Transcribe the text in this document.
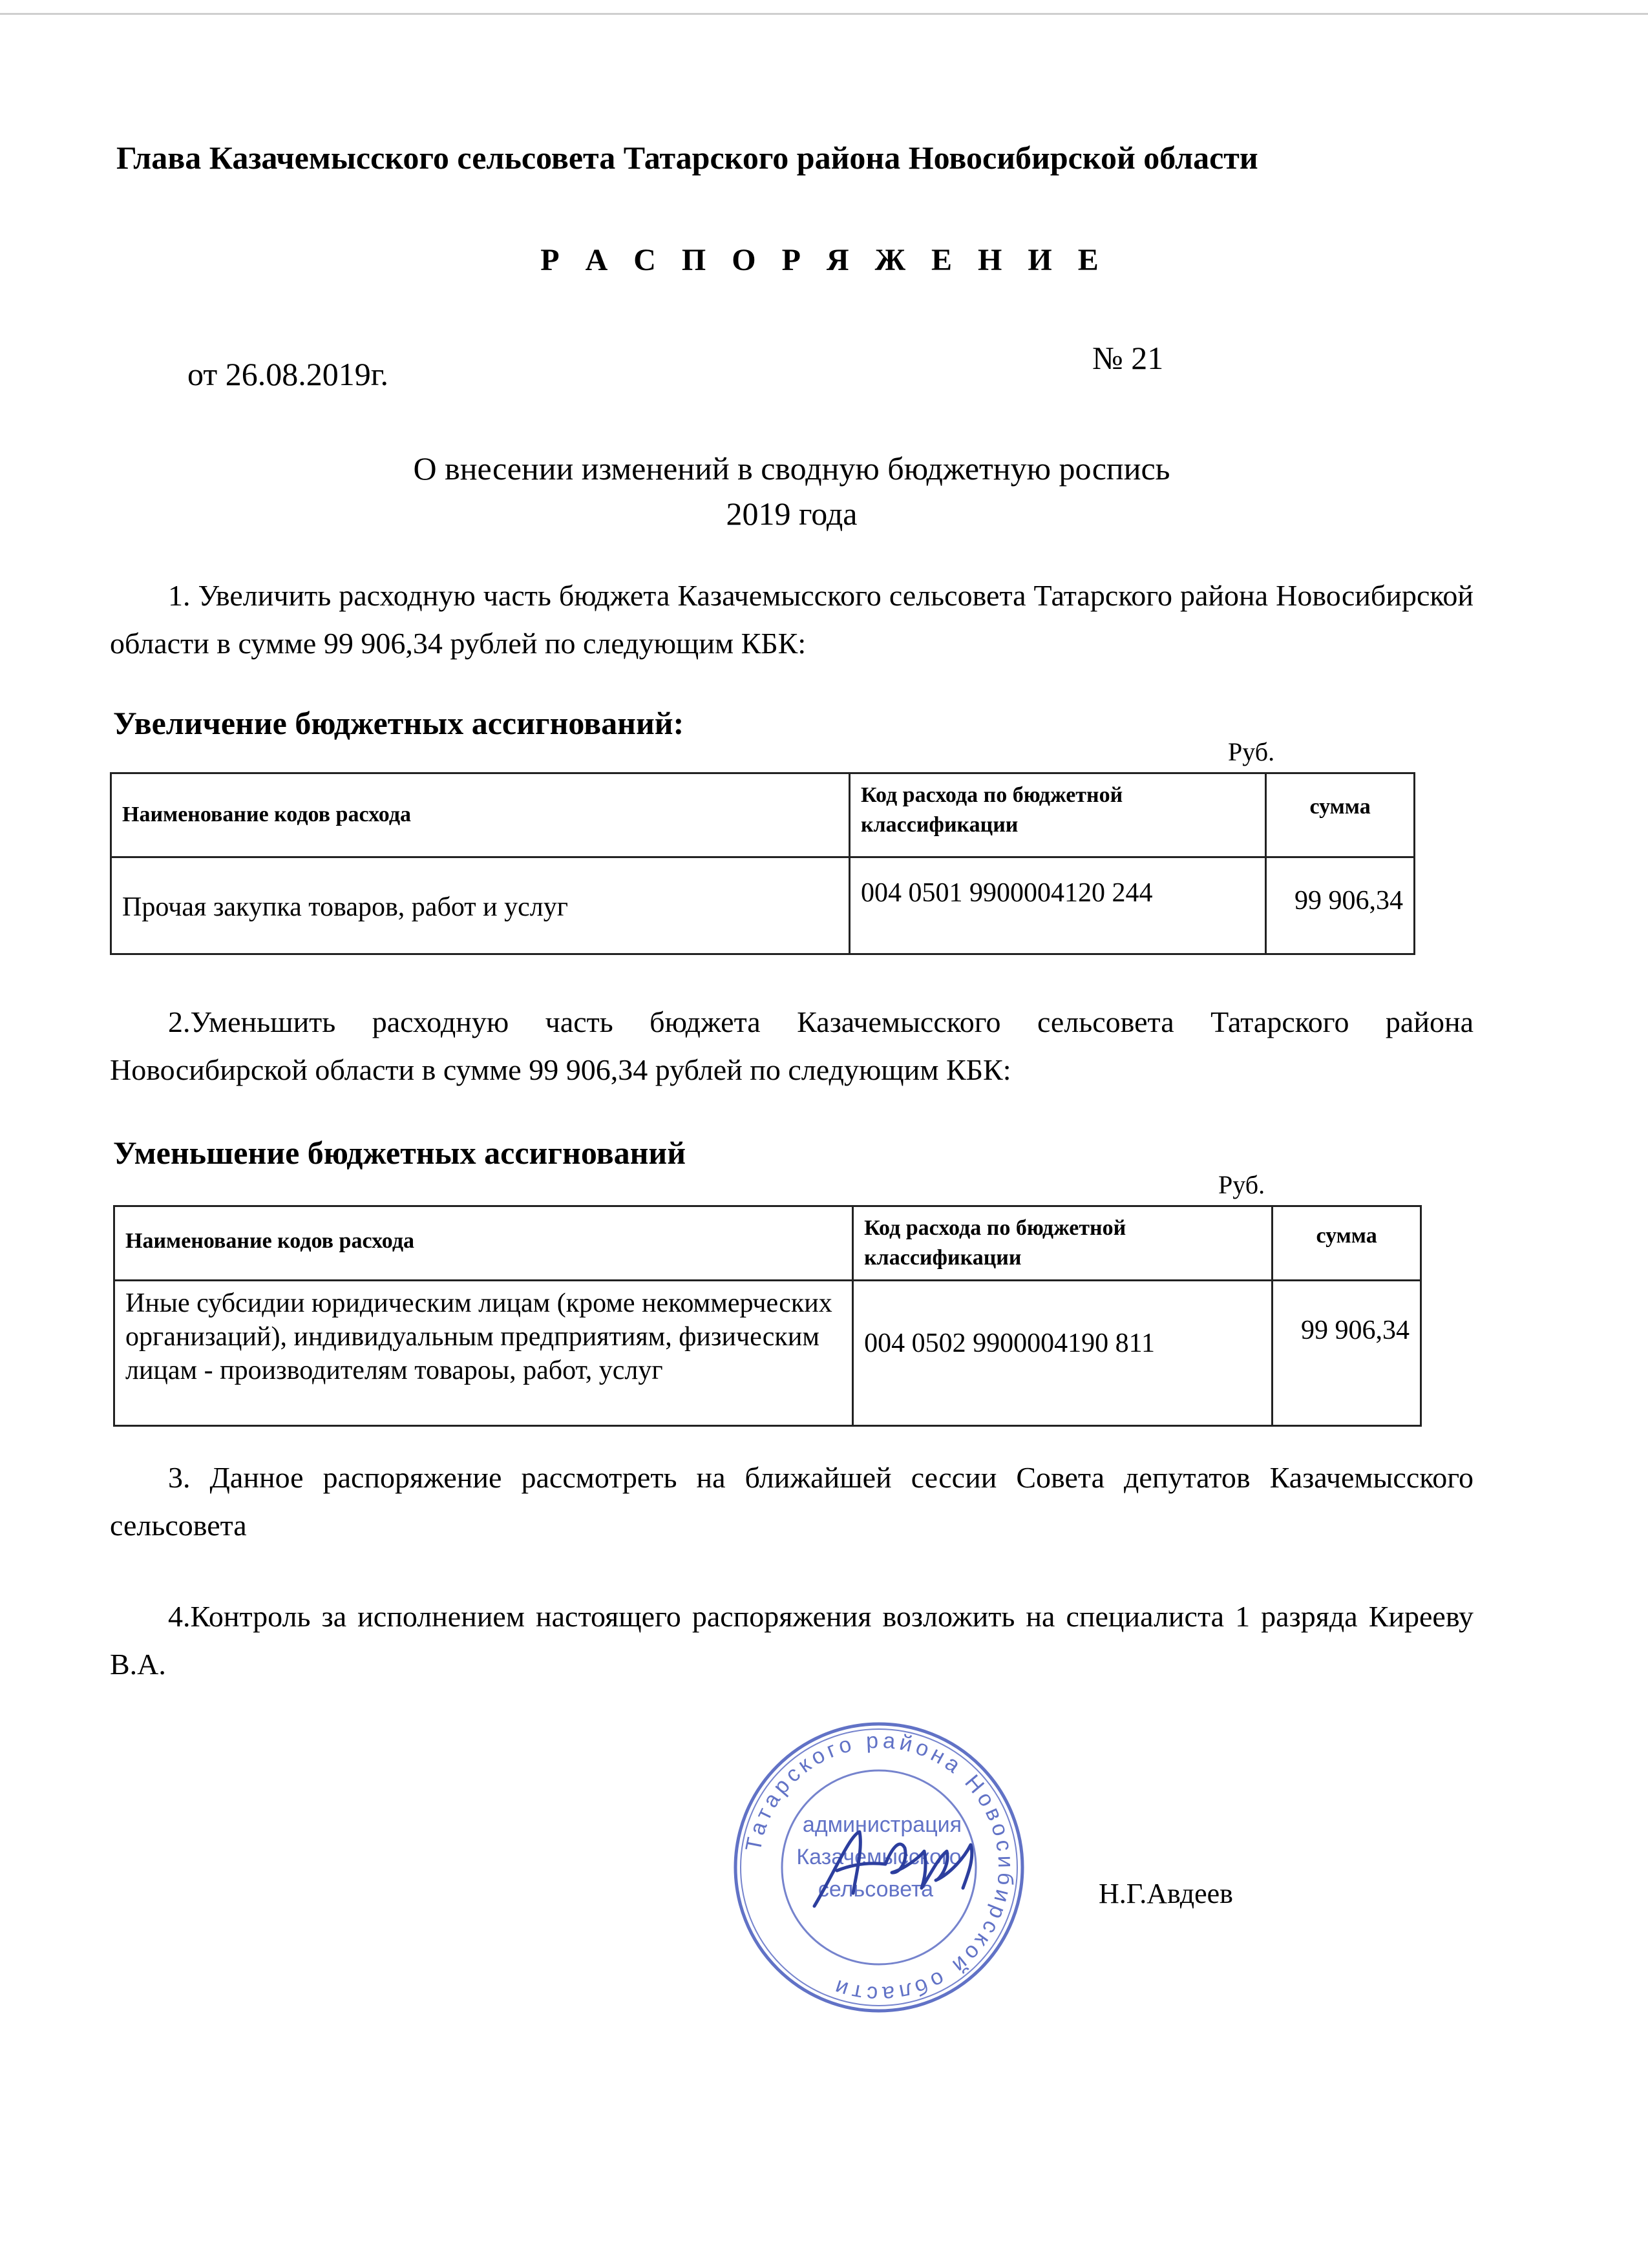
Глава Казачемысского сельсовета Татарского района Новосибирской области
Р А С П О Р Я Ж Е Н И Е
от 26.08.2019г.	№ 21
О внесении изменений в сводную бюджетную роспись
2019 года
1. Увеличить расходную часть бюджета Казачемысского сельсовета Татарского района Новосибирской области в сумме 99 906,34 рублей по следующим КБК:
Увеличение бюджетных ассигнований:
Руб.
Наименование кодов расхода	Код расхода по бюджетной классификации	сумма
Прочая закупка товаров, работ и услуг	004 0501 9900004120 244	99 906,34
2.Уменьшить расходную часть бюджета Казачемысского сельсовета Татарского района Новосибирской области в сумме 99 906,34 рублей по следующим КБК:
Уменьшение бюджетных ассигнований
Руб.
Наименование кодов расхода	Код расхода по бюджетной классификации	сумма
Иные субсидии юридическим лицам (кроме некоммерческих организаций), индивидуальным предприятиям, физическим лицам - производителям товароы, работ, услуг	004 0502 9900004190 811	99 906,34
3. Данное распоряжение рассмотреть на ближайшей сессии Совета депутатов Казачемысского сельсовета
4.Контроль за исполнением настоящего распоряжения возложить на специалиста 1 разряда Кирееву В.А.
Татарского района Новосибирской области
администрация
Казачемысского
сельсовета	Н.Г.Авдеев
